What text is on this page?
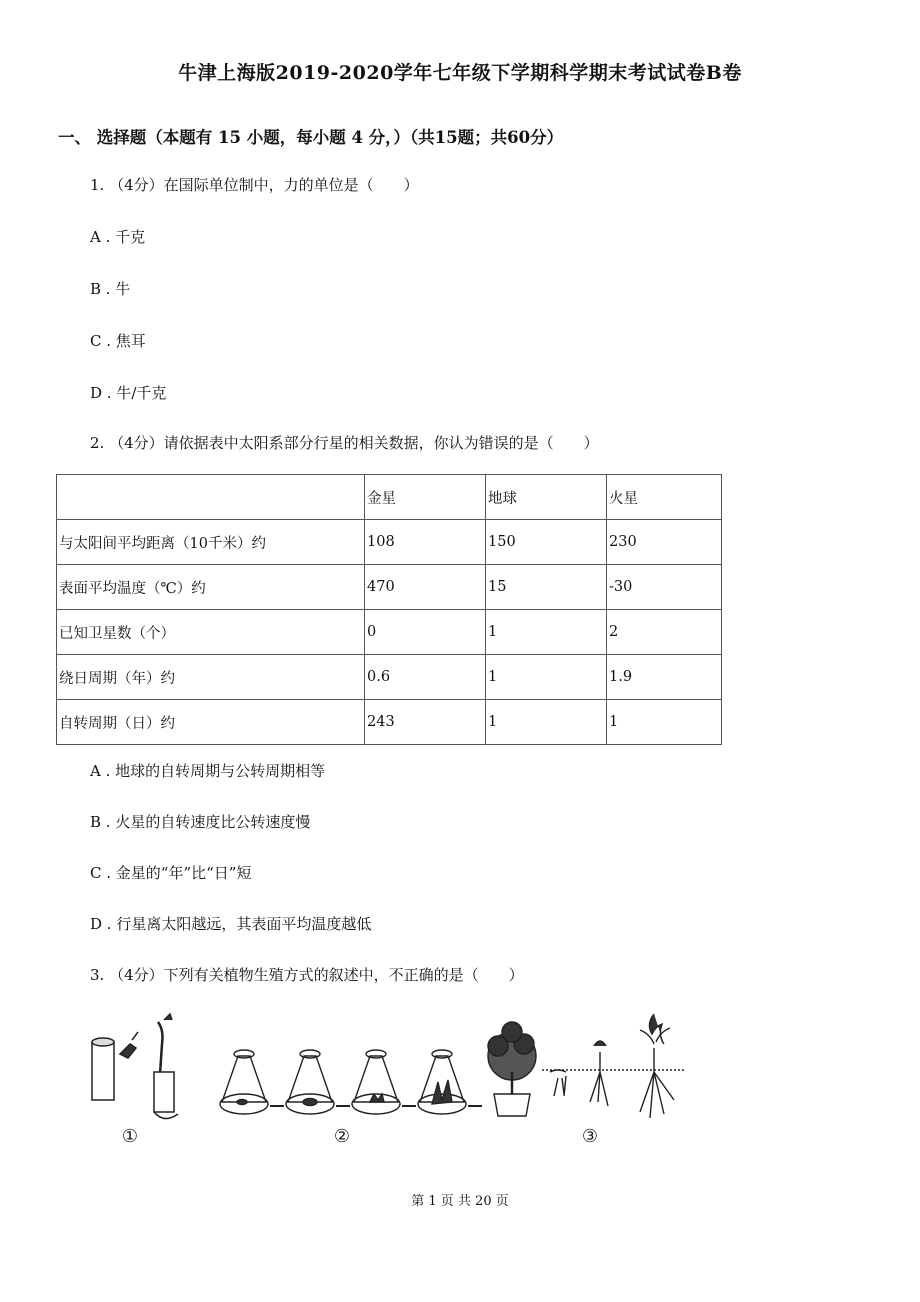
牛津上海版2019-2020学年七年级下学期科学期末考试试卷B卷
一、 选择题（本题有 15 小题，每小题 4 分，）（共15题；共60分）
1. （4分）在国际单位制中，力的单位是（　　）
A . 千克
B . 牛
C . 焦耳
D . 牛/千克
2. （4分）请依据表中太阳系部分行星的相关数据，你认为错误的是（　　）
	金星	地球	火星
与太阳间平均距离（10千米）约	108	150	230
表面平均温度（℃）约	470	15	-30
已知卫星数（个）	0	1	2
绕日周期（年）约	0.6	1	1.9
自转周期（日）约	243	1	1
A . 地球的自转周期与公转周期相等
B . 火星的自转速度比公转速度慢
C . 金星的“年”比“日”短
D . 行星离太阳越远，其表面平均温度越低
3. （4分）下列有关植物生殖方式的叙述中，不正确的是（　　）
①	②	③
第 1 页 共 20 页
